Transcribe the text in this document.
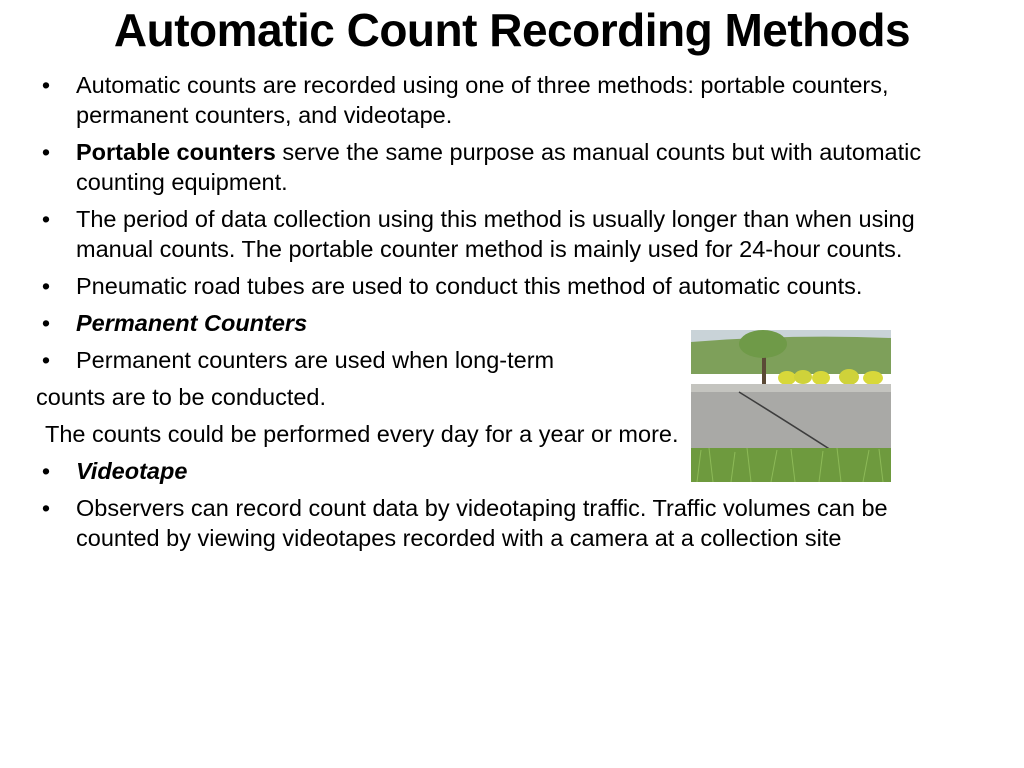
Automatic Count Recording Methods
• Automatic counts are recorded using one of three methods: portable counters, permanent counters, and videotape.
• Portable counters serve the same purpose as manual counts but with automatic counting equipment.
• The period of data collection using this method is usually longer than when using manual counts. The portable counter method is mainly used for 24-hour counts.
• Pneumatic road tubes are used to conduct this method of automatic counts.
• Permanent Counters
• Permanent counters are used when long-term
counts are to be conducted.
The counts could be performed every day for a year or more.
• Videotape
• Observers can record count data by videotaping traffic. Traffic volumes can be counted by viewing videotapes recorded with a camera at a collection site
